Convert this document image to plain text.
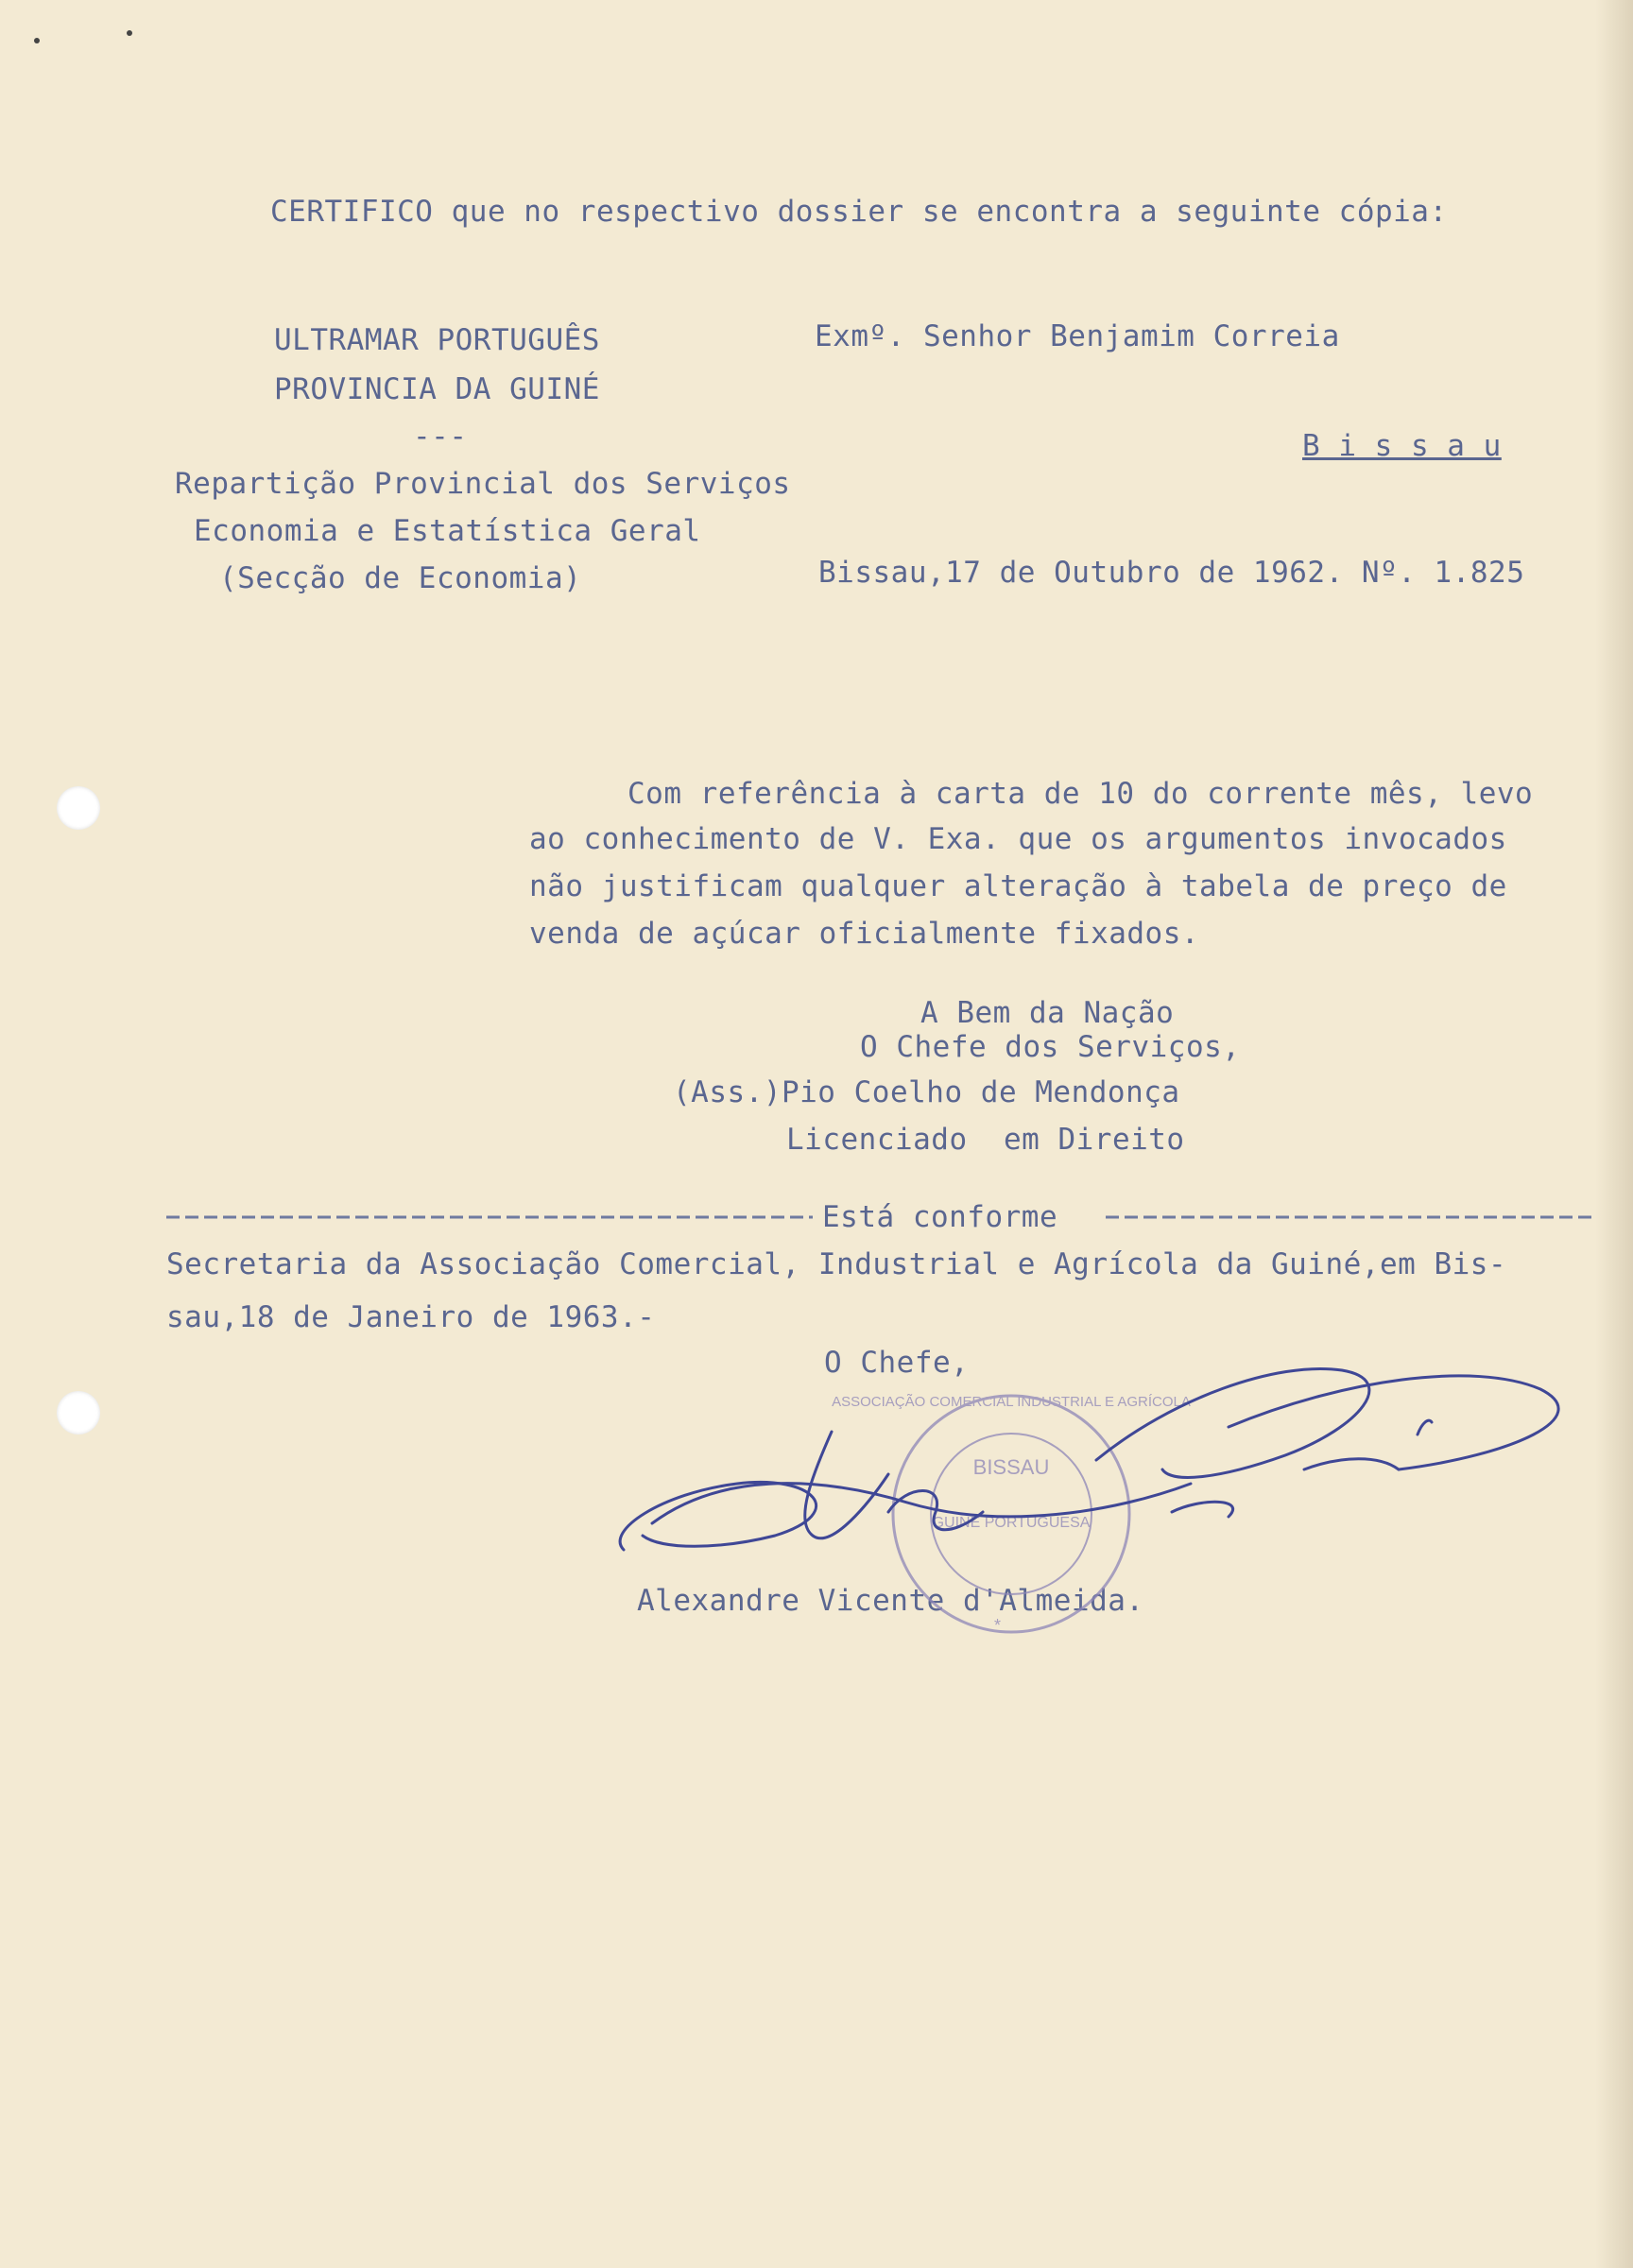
CERTIFICO que no respectivo dossier se encontra a seguinte cópia:
ULTRAMAR PORTUGUÊS
PROVINCIA DA GUINÉ
---
Repartição Provincial dos Serviços
Economia e Estatística Geral
(Secção de Economia)
Exmº. Senhor Benjamim Correia
B i s s a u
Bissau,17 de Outubro de 1962. Nº. 1.825
Com referência à carta de 10 do corrente mês, levo
ao conhecimento de V. Exa. que os argumentos invocados
não justificam qualquer alteração à tabela de preço de
venda de açúcar oficialmente fixados.
A Bem da Nação
O Chefe dos Serviços,
(Ass.)Pio Coelho de Mendonça
Licenciado  em Direito
Está conforme
Secretaria da Associação Comercial, Industrial e Agrícola da Guiné,em Bis-
sau,18 de Janeiro de 1963.-
O Chefe,
Alexandre Vicente d'Almeida.
BISSAU
GUINÉ PORTUGUESA
ASSOCIAÇÃO COMERCIAL INDUSTRIAL E AGRÍCOLA
*
